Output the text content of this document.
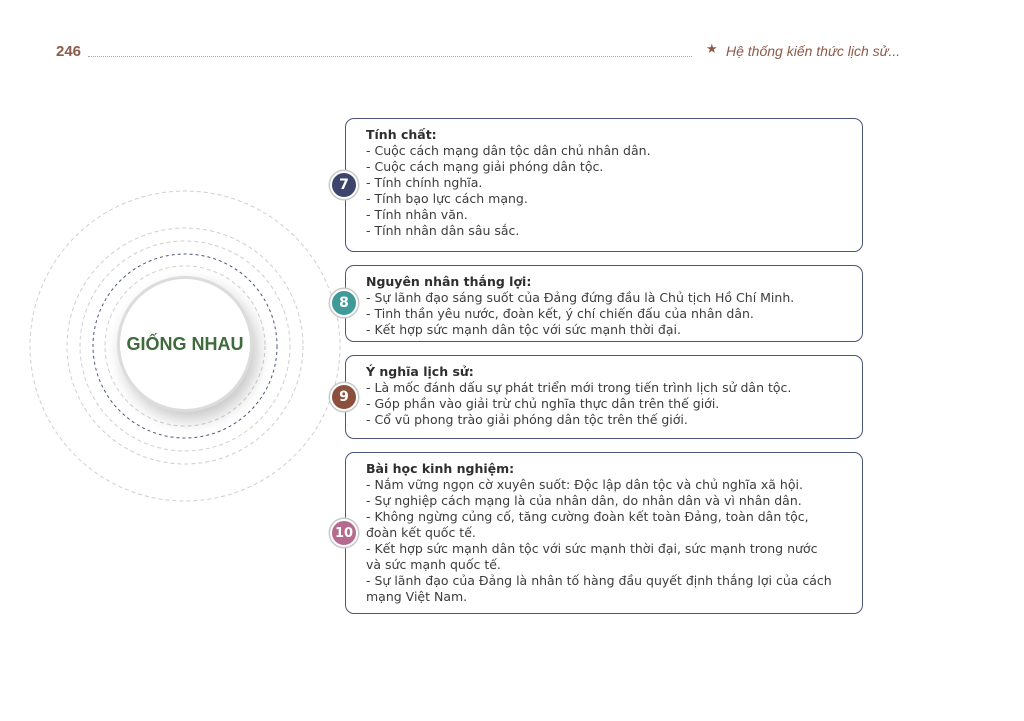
246	★ Hệ thống kiến thức lịch sử...
GIỐNG NHAU
Tính chất:
- Cuộc cách mạng dân tộc dân chủ nhân dân.
- Cuộc cách mạng giải phóng dân tộc.
- Tính chính nghĩa.
- Tính bạo lực cách mạng.
- Tính nhân văn.
- Tính nhân dân sâu sắc.
7
Nguyên nhân thắng lợi:
- Sự lãnh đạo sáng suốt của Đảng đứng đầu là Chủ tịch Hồ Chí Minh.
- Tinh thần yêu nước, đoàn kết, ý chí chiến đấu của nhân dân.
- Kết hợp sức mạnh dân tộc với sức mạnh thời đại.
8
Ý nghĩa lịch sử:
- Là mốc đánh dấu sự phát triển mới trong tiến trình lịch sử dân tộc.
- Góp phần vào giải trừ chủ nghĩa thực dân trên thế giới.
- Cổ vũ phong trào giải phóng dân tộc trên thế giới.
9
Bài học kinh nghiệm:
- Nắm vững ngọn cờ xuyên suốt: Độc lập dân tộc và chủ nghĩa xã hội.
- Sự nghiệp cách mạng là của nhân dân, do nhân dân và vì nhân dân.
- Không ngừng củng cố, tăng cường đoàn kết toàn Đảng, toàn dân tộc,
đoàn kết quốc tế.
- Kết hợp sức mạnh dân tộc với sức mạnh thời đại, sức mạnh trong nước
và sức mạnh quốc tế.
- Sự lãnh đạo của Đảng là nhân tố hàng đầu quyết định thắng lợi của cách
mạng Việt Nam.
10
